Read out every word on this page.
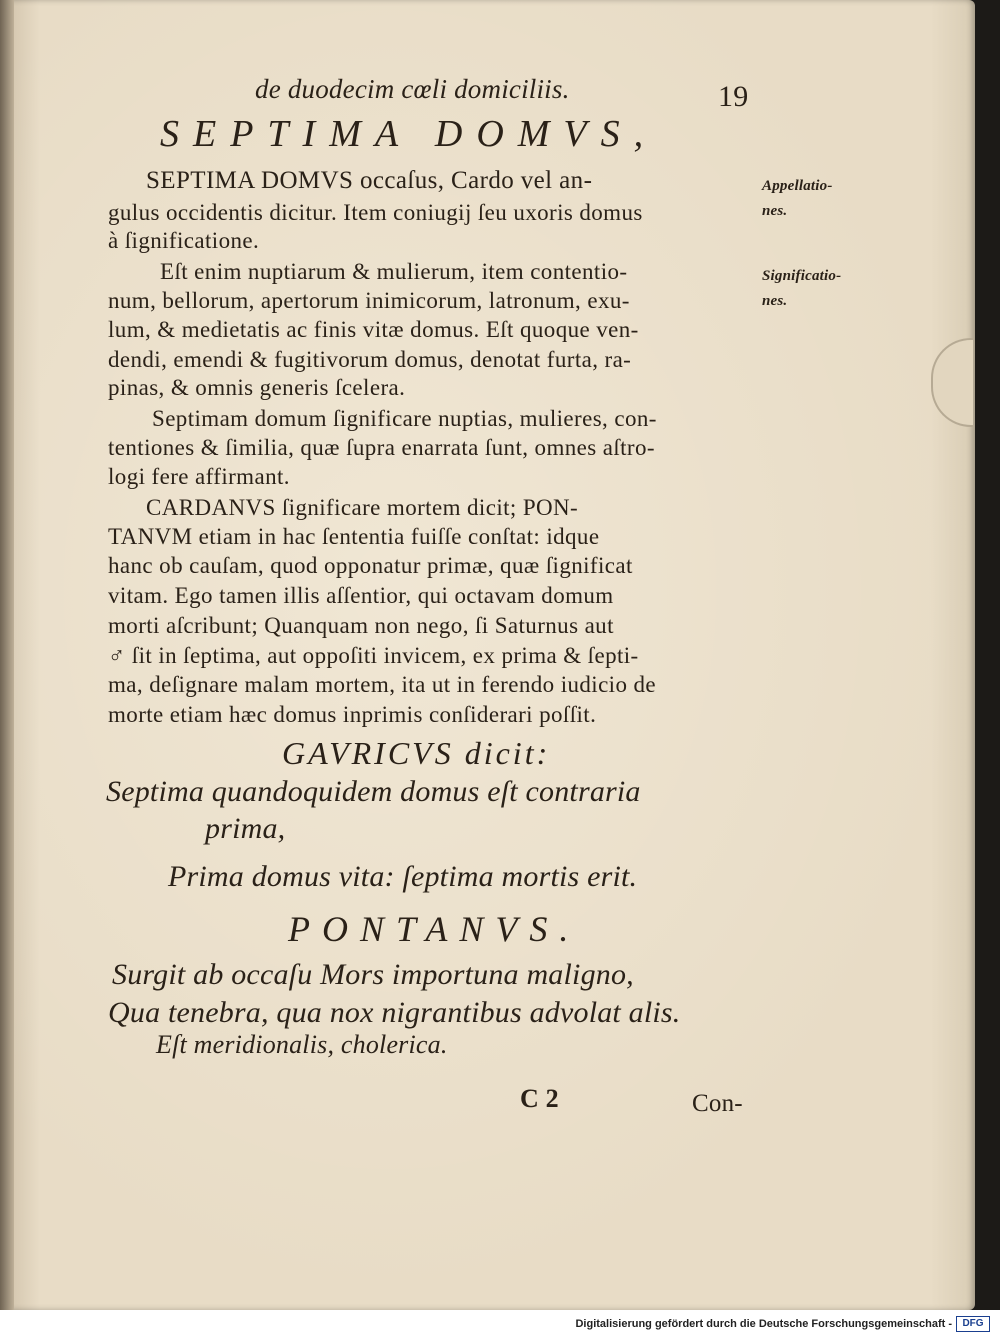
de duodecim cœli domiciliis.	19
SEPTIMA DOMVS,
Appellatio-
nes.
Significatio-
nes.
SEPTIMA DOMVS occaſus, Cardo vel an-
gulus occidentis dicitur. Item coniugij ſeu uxoris domus
à ſignificatione.
Eſt enim nuptiarum & mulierum, item contentio-
num, bellorum, apertorum inimicorum, latronum, exu-
lum, & medietatis ac finis vitæ domus. Eſt quoque ven-
dendi, emendi & fugitivorum domus, denotat furta, ra-
pinas, & omnis generis ſcelera.
Septimam domum ſignificare nuptias, mulieres, con-
tentiones & ſimilia, quæ ſupra enarrata ſunt, omnes aſtro-
logi fere affirmant.
CARDANVS ſignificare mortem dicit; PON-
TANVM etiam in hac ſententia fuiſſe conſtat: idque
hanc ob cauſam, quod opponatur primæ, quæ ſignificat
vitam. Ego tamen illis aſſentior, qui octavam domum
morti aſcribunt; Quanquam non nego, ſi Saturnus aut
♂ ſit in ſeptima, aut oppoſiti invicem, ex prima & ſepti-
ma, deſignare malam mortem, ita ut in ferendo iudicio de
morte etiam hæc domus inprimis conſiderari poſſit.
GAVRICVS dicit:
Septima quandoquidem domus eſt contraria
prima,
Prima domus vita: ſeptima mortis erit.
PONTANVS.
Surgit ab occaſu Mors importuna maligno,
Qua tenebra, qua nox nigrantibus advolat alis.
Eſt meridionalis, cholerica.
C 2	Con-
Digitalisierung gefördert durch die Deutsche Forschungsgemeinschaft -	DFG
